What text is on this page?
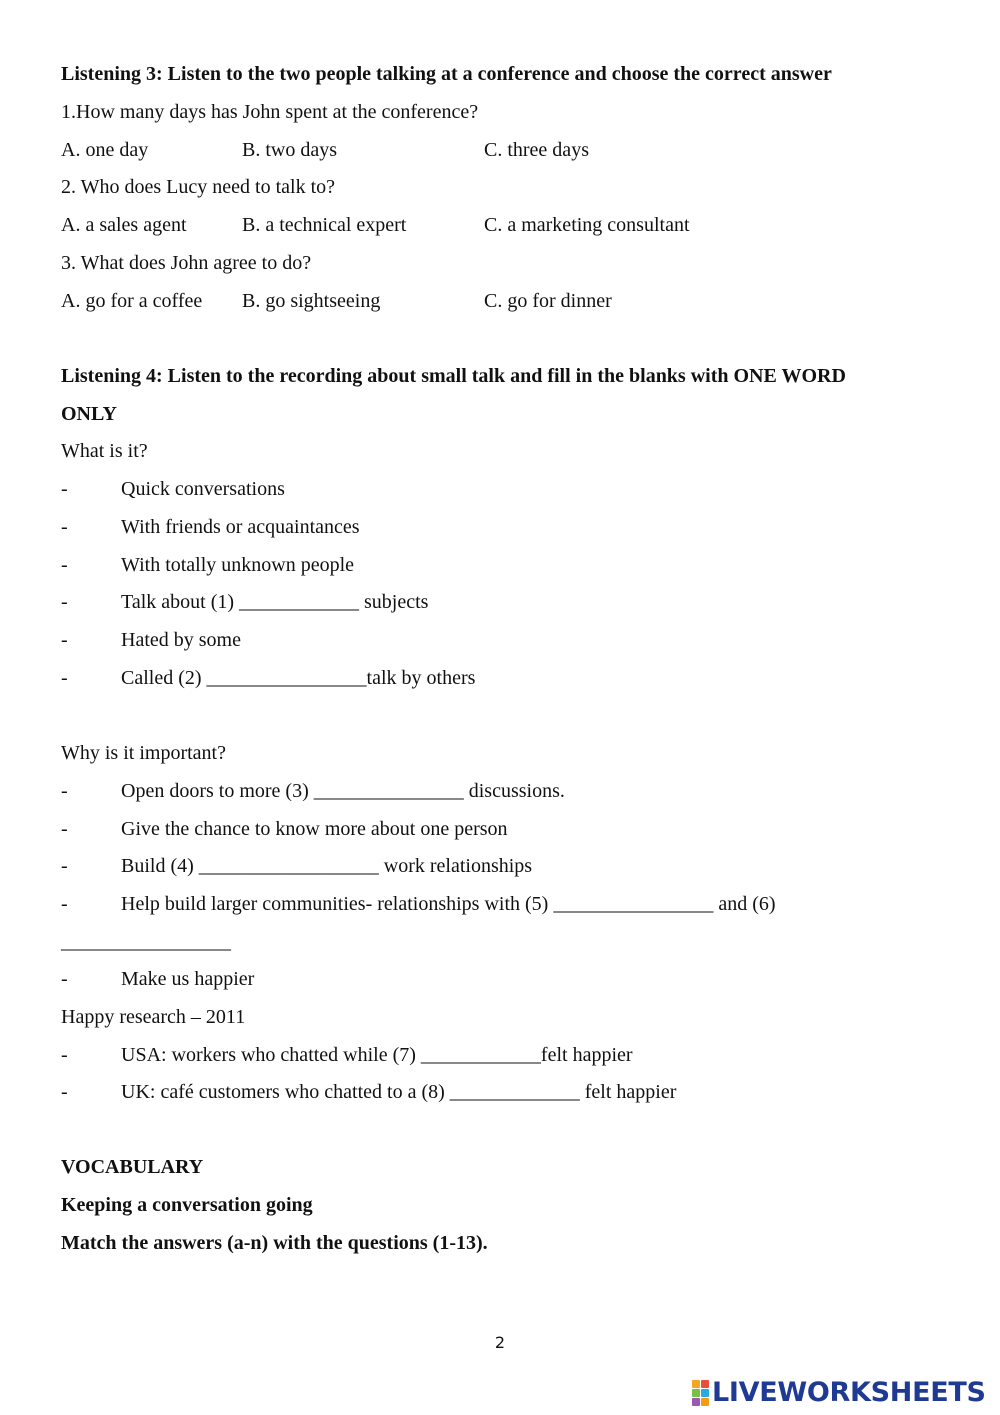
Listening 3: Listen to the two people talking at a conference and choose the correct answer
1.How many days has John spent at the conference?
A. one day	B. two days	C. three days
2. Who does Lucy need to talk to?
A. a sales agent	B. a technical expert	C. a marketing consultant
3. What does John agree to do?
A. go for a coffee B. go sightseeing	C. go for dinner
Listening 4: Listen to the recording about small talk and fill in the blanks with ONE WORD
ONLY
What is it?
-	Quick conversations
-	With friends or acquaintances
-	With totally unknown people
-	Talk about (1) ____________ subjects
-	Hated by some
-	Called (2) ________________talk by others
Why is it important?
-	Open doors to more (3) _______________ discussions.
-	Give the chance to know more about one person
-	Build (4) __________________ work relationships
-	Help build larger communities- relationships with (5) ________________ and (6)
_________________
-	Make us happier
Happy research – 2011
-	USA: workers who chatted while (7) ____________felt happier
-	UK: café customers who chatted to a (8) _____________ felt happier
VOCABULARY
Keeping a conversation going
Match the answers (a-n) with the questions (1-13).
2
LIVEWORKSHEETS
